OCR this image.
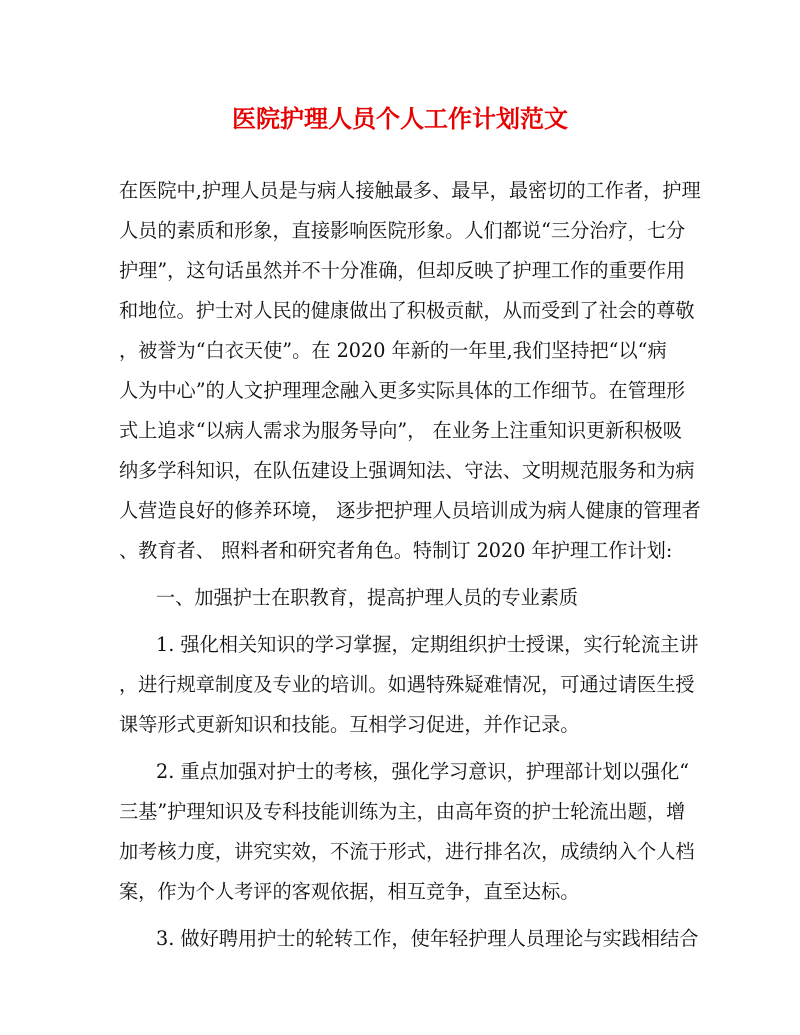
医院护理人员个人工作计划范文

在医院中,护理人员是与病人接触最多、最早，最密切的工作者，护理

人员的素质和形象，直接影响医院形象。人们都说“三分治疗，七分

护理”，这句话虽然并不十分准确，但却反映了护理工作的重要作用

和地位。护士对人民的健康做出了积极贡献，从而受到了社会的尊敬

，被誉为“白衣天使”。在 2020 年新的一年里,我们坚持把“以“病

人为中心”的人文护理理念融入更多实际具体的工作细节。在管理形

式上追求“以病人需求为服务导向”， 在业务上注重知识更新积极吸

纳多学科知识，在队伍建设上强调知法、守法、文明规范服务和为病

人营造良好的修养环境， 逐步把护理人员培训成为病人健康的管理者

、教育者、 照料者和研究者角色。特制订 2020 年护理工作计划:

一、加强护士在职教育，提高护理人员的专业素质

1. 强化相关知识的学习掌握，定期组织护士授课，实行轮流主讲

，进行规章制度及专业的培训。如遇特殊疑难情况，可通过请医生授

课等形式更新知识和技能。互相学习促进，并作记录。

2. 重点加强对护士的考核，强化学习意识，护理部计划以强化“

三基”护理知识及专科技能训练为主，由高年资的护士轮流出题，增

加考核力度，讲究实效，不流于形式，进行排名次，成绩纳入个人档

案，作为个人考评的客观依据，相互竞争，直至达标。

3. 做好聘用护士的轮转工作，使年轻护理人员理论与实践相结合
